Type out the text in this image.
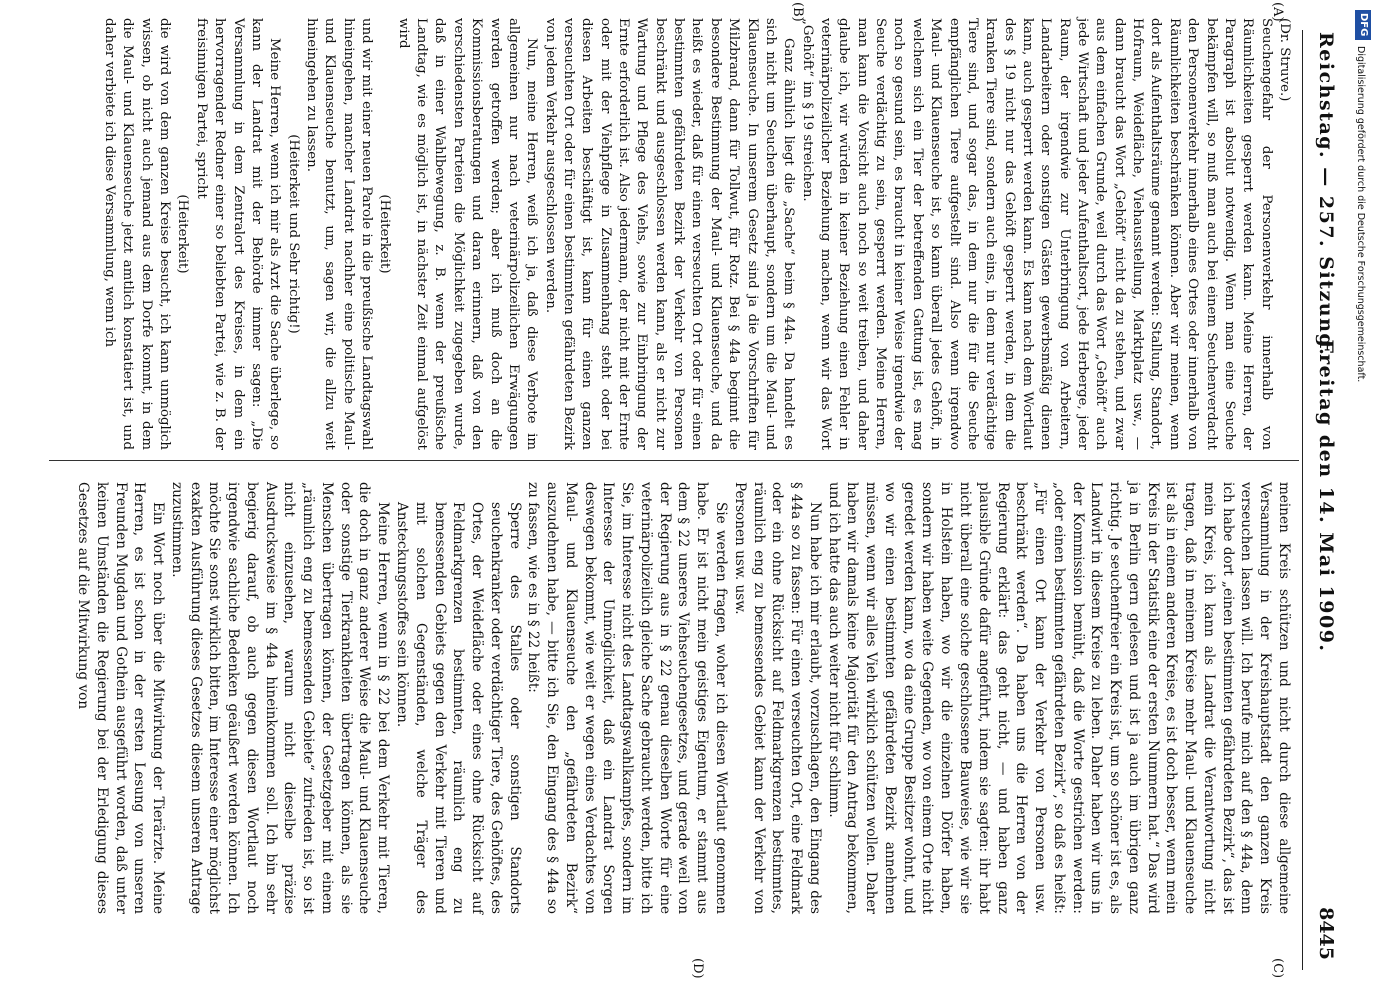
Reichstag. — 257. Sitzung.
Freitag den 14. Mai 1909.
8445
(A)
(B)
(C)
(D)

(Dr. Struve.)

Seuchengefahr der Personenverkehr innerhalb von Räumlichkeiten gesperrt werden kann. Meine Herren, der Paragraph ist absolut notwendig. Wenn man eine Seuche bekämpfen will, so muß man auch bei einem Seuchenverdacht den Personenverkehr innerhalb eines Ortes oder innerhalb von Räumlichkeiten beschränken können. Aber wir meinen, wenn dort als Aufenthaltsräume genannt werden: Stallung, Standort, Hofraum, Weidefläche, Viehausstellung, Marktplatz usw., — dann braucht das Wort „Gehöft“ nicht da zu stehen, und zwar aus dem einfachen Grunde, weil durch das Wort „Gehöft“ auch jede Wirtschaft und jeder Aufenthaltsort, jede Herberge, jeder Raum, der irgendwie zur Unterbringung von Arbeitern, Landarbeitern oder sonstigen Gästen gewerbsmäßig dienen kann, auch gesperrt werden kann. Es kann nach dem Wortlaut des § 19 nicht nur das Gehöft gesperrt werden, in dem die kranken Tiere sind, sondern auch eins, in dem nur verdächtige Tiere sind, und sogar das, in dem nur die für die Seuche empfänglichen Tiere aufgestellt sind. Also wenn irgendwo Maul- und Klauenseuche ist, so kann überall jedes Gehöft, in welchem sich ein Tier der betreffenden Gattung ist, es mag noch so gesund sein, es braucht in keiner Weise irgendwie der Seuche verdächtig zu sein, gesperrt werden. Meine Herren, man kann die Vorsicht auch noch so weit treiben, und daher glaube ich, wir würden in keiner Beziehung einen Fehler in veterinärpolizeilicher Beziehung machen, wenn wir das Wort „Gehöft“ im § 19 streichen.

Ganz ähnlich liegt die „Sache“ beim § 44a. Da handelt es sich nicht um Seuchen überhaupt, sondern um die Maul- und Klauenseuche. In unserem Gesetz sind ja die Vorschriften für Milzbrand, dann für Tollwut, für Rotz. Bei § 44a beginnt die besondere Bestimmung der Maul- und Klauenseuche, und da heißt es wieder, daß für einen verseuchten Ort oder für einen bestimmten gefährdeten Bezirk der Verkehr von Personen beschränkt und ausgeschlossen werden kann, als er nicht zur Wartung und Pflege des Viehs, sowie zur Einbringung der Ernte erforderlich ist. Also jedermann, der nicht mit der Ernte oder mit der Viehpflege in Zusammenhang steht oder bei diesen Arbeiten beschäftigt ist, kann für einen ganzen verseuchten Ort oder für einen bestimmten gefährdeten Bezirk von jedem Verkehr ausgeschlossen werden.

Nun, meine Herren, weiß ich ja, daß diese Verbote im allgemeinen nur nach veterinärpolizeilichen Erwägungen werden getroffen werden; aber ich muß doch an die Kommissionsberatungen und daran erinnern, daß von den verschiedensten Parteien die Möglichkeit zugegeben wurde, daß in einer Wahlbewegung, z. B. wenn der preußische Landtag, wie es möglich ist, in nächster Zeit einmal aufgelöst wird

(Heiterkeit)

und wir mit einer neuen Parole in die preußische Landtagswahl hineingehen, mancher Landrat nachher eine politische Maul- und Klauenseuche benutzt, um, sagen wir, die allzu weit hineingehen zu lassen.

(Heiterkeit und Sehr richtig!)

Meine Herren, wenn ich mir als Arzt die Sache überlege, so kann der Landrat mit der Behörde immer sagen: „Die Versammlung in dem Zentralort des Kreises, in dem ein hervorragender Redner einer so beliebten Partei, wie z. B. der freisinnigen Partei, spricht

(Heiterkeit)

die wird von dem ganzen Kreise besucht, ich kann unmöglich wissen, ob nicht auch jemand aus dem Dorfe kommt, in dem die Maul- und Klauenseuche jetzt amtlich konstatiert ist, und daher verbiete ich diese Versammlung, wenn ich

meinen Kreis schützen und nicht durch diese allgemeine Versammlung in der Kreishauptstadt den ganzen Kreis verseuchen lassen will. Ich berufe mich auf den § 44a, denn ich habe dort „einen bestimmten gefährdeten Bezirk“, das ist mein Kreis, ich kann als Landrat die Verantwortung nicht tragen, daß in meinem Kreise mehr Maul- und Klauenseuche ist als in einem anderen Kreise, es ist doch besser, wenn mein Kreis in der Statistik eine der ersten Nummern hat.“ Das wird ja in Berlin gern gelesen und ist ja auch im übrigen ganz richtig. Je seuchenfreier ein Kreis ist, um so schöner ist es, als Landwirt in diesem Kreise zu leben. Daher haben wir uns in der Kommission bemüht, daß die Worte gestrichen werden: „oder einen bestimmten gefährdeten Bezirk“, so daß es heißt: „Für einen Ort kann der Verkehr von Personen usw. beschränkt werden“. Da haben uns die Herren von der Regierung erklärt: das geht nicht, — und haben ganz plausible Gründe dafür angeführt, indem sie sagten: ihr habt nicht überall eine solche geschlossene Bauweise, wie wir sie in Holstein haben, wo wir die einzelnen Dörfer haben, sondern wir haben weite Gegenden, wo von einem Orte nicht geredet werden kann, wo da eine Gruppe Besitzer wohnt, und wo wir einen bestimmten gefährdeten Bezirk annehmen müssen, wenn wir alles Vieh wirklich schützen wollen. Daher haben wir damals keine Majorität für den Antrag bekommen, und ich hatte das auch weiter nicht für schlimm.

Nun habe ich mir erlaubt, vorzuschlagen, den Eingang des § 44a so zu fassen: Für einen verseuchten Ort, eine Feldmark oder ein ohne Rücksicht auf Feldmarkgrenzen bestimmtes, räumlich eng zu bemessendes Gebiet kann der Verkehr von Personen usw. usw.

Sie werden fragen, woher ich diesen Wortlaut genommen habe. Er ist nicht mein geistiges Eigentum, er stammt aus dem § 22 unseres Viehseuchengesetzes, und gerade weil von der Regierung aus in § 22 genau dieselben Worte für eine veterinärpolizeilich gleiche Sache gebraucht werden, bitte ich Sie, im Interesse nicht des Landtagswahlkampfes, sondern im Interesse der Unmöglichkeit, daß ein Landrat Sorgen deswegen bekommt, wie weit er wegen eines Verdachtes von Maul- und Klauenseuche den „gefährdeten Bezirk“ auszudehnen habe, — bitte ich Sie, den Eingang des § 44a so zu fassen, wie es in § 22 heißt:

Sperre des Stalles oder sonstigen Standorts seuchenkranker oder verdächtiger Tiere, des Gehöftes, des Ortes, der Weidefläche oder eines ohne Rücksicht auf Feldmarkgrenzen bestimmten, räumlich eng zu bemessenden Gebiets gegen den Verkehr mit Tieren und mit solchen Gegenständen, welche Träger des Ansteckungsstoffes sein können.

Meine Herren, wenn in § 22 bei dem Verkehr mit Tieren, die doch in ganz anderer Weise die Maul- und Klauenseuche oder sonstige Tierkrankheiten übertragen können, als sie Menschen übertragen können, der Gesetzgeber mit einem „räumlich eng zu bemessenden Gebiete“ zufrieden ist, so ist nicht einzusehen, warum nicht dieselbe präzise Ausdrucksweise im § 44a hineinkommen soll. Ich bin sehr begierig darauf, ob auch gegen diesen Wortlaut noch irgendwie sachliche Bedenken geäußert werden können. Ich möchte Sie sonst wirklich bitten, im Interesse einer möglichst exakten Ausführung dieses Gesetzes diesem unseren Antrage zuzustimmen.

Ein Wort noch über die Mitwirkung der Tierärzte. Meine Herren, es ist schon in der ersten Lesung von unseren Freunden Mugdan und Gothein ausgeführt worden, daß unter keinen Umständen die Regierung bei der Erledigung dieses Gesetzes auf die Mitwirkung von

DFG
Digitalisierung gefördert durch die Deutsche Forschungsgemeinschaft.
